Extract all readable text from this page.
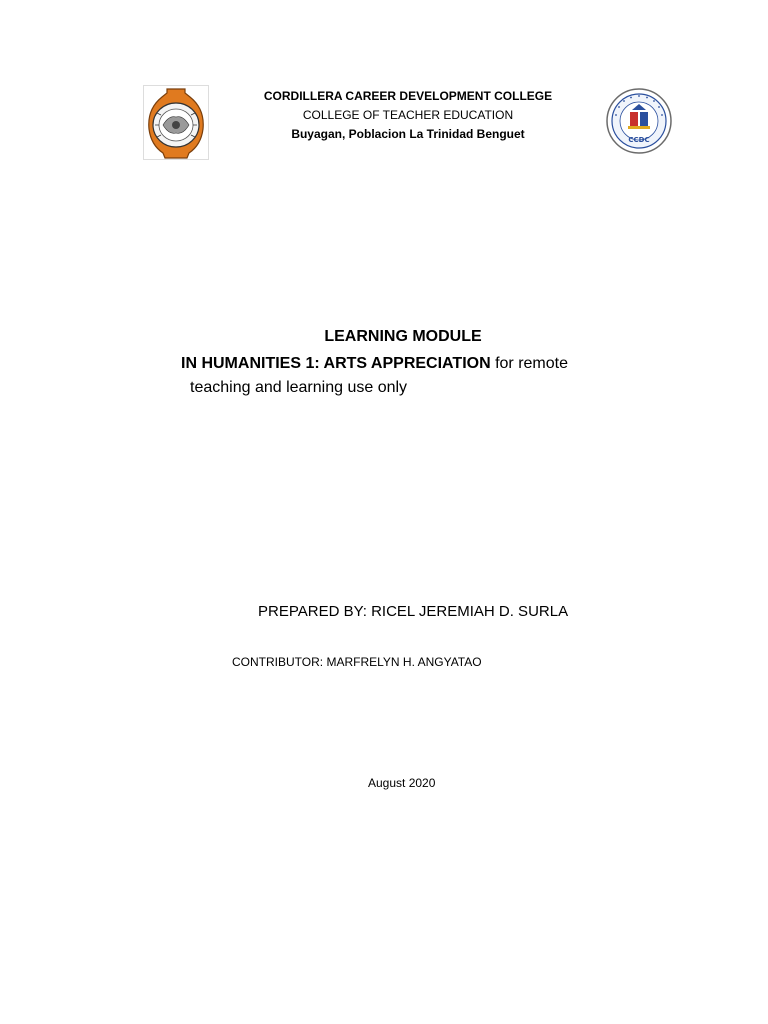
CORDILLERA CAREER DEVELOPMENT COLLEGE
COLLEGE OF TEACHER EDUCATION
Buyagan, Poblacion La Trinidad Benguet	CCDC
LEARNING MODULE
IN HUMANITIES 1: ARTS APPRECIATION for remote
teaching and learning use only
PREPARED BY: RICEL JEREMIAH D. SURLA
CONTRIBUTOR: MARFRELYN H. ANGYATAO
August 2020
